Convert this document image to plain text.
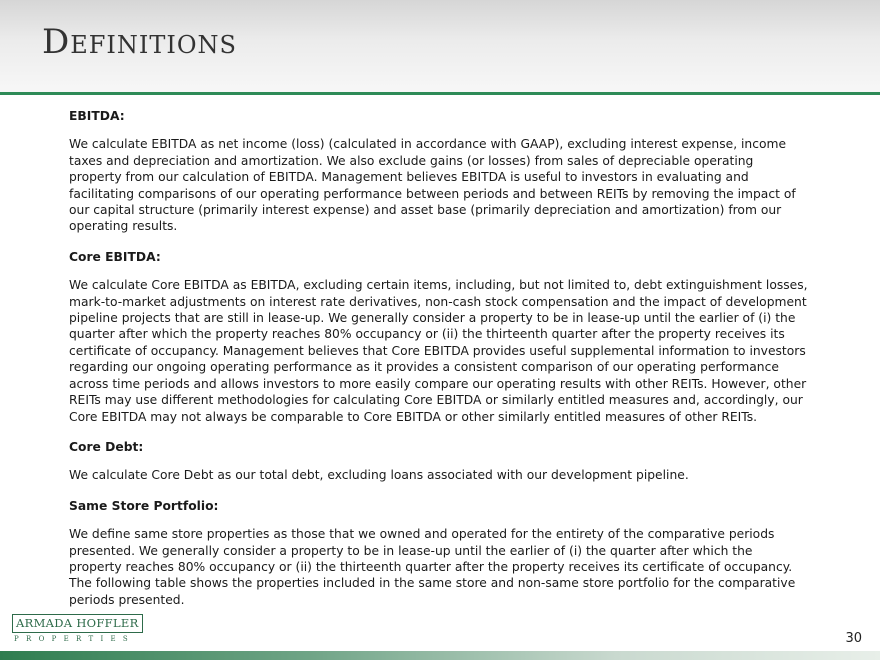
Definitions

EBITDA:

We calculate EBITDA as net income (loss) (calculated in accordance with GAAP), excluding interest expense, income taxes and depreciation and amortization. We also exclude gains (or losses) from sales of depreciable operating property from our calculation of EBITDA. Management believes EBITDA is useful to investors in evaluating and facilitating comparisons of our operating performance between periods and between REITs by removing the impact of our capital structure (primarily interest expense) and asset base (primarily depreciation and amortization) from our operating results.

Core EBITDA:

We calculate Core EBITDA as EBITDA, excluding certain items, including, but not limited to, debt extinguishment losses, mark-to-market adjustments on interest rate derivatives, non-cash stock compensation and the impact of development pipeline projects that are still in lease-up. We generally consider a property to be in lease-up until the earlier of (i) the quarter after which the property reaches 80% occupancy or (ii) the thirteenth quarter after the property receives its certificate of occupancy. Management believes that Core EBITDA provides useful supplemental information to investors regarding our ongoing operating performance as it provides a consistent comparison of our operating performance across time periods and allows investors to more easily compare our operating results with other REITs. However, other REITs may use different methodologies for calculating Core EBITDA or similarly entitled measures and, accordingly, our Core EBITDA may not always be comparable to Core EBITDA or other similarly entitled measures of other REITs.

Core Debt:

We calculate Core Debt as our total debt, excluding loans associated with our development pipeline.

Same Store Portfolio:

We define same store properties as those that we owned and operated for the entirety of the comparative periods presented. We generally consider a property to be in lease-up until the earlier of (i) the quarter after which the property reaches 80% occupancy or (ii) the thirteenth quarter after the property receives its certificate of occupancy. The following table shows the properties included in the same store and non-same store portfolio for the comparative periods presented.

ARMADA HOFFLER
PROPERTIES	30
